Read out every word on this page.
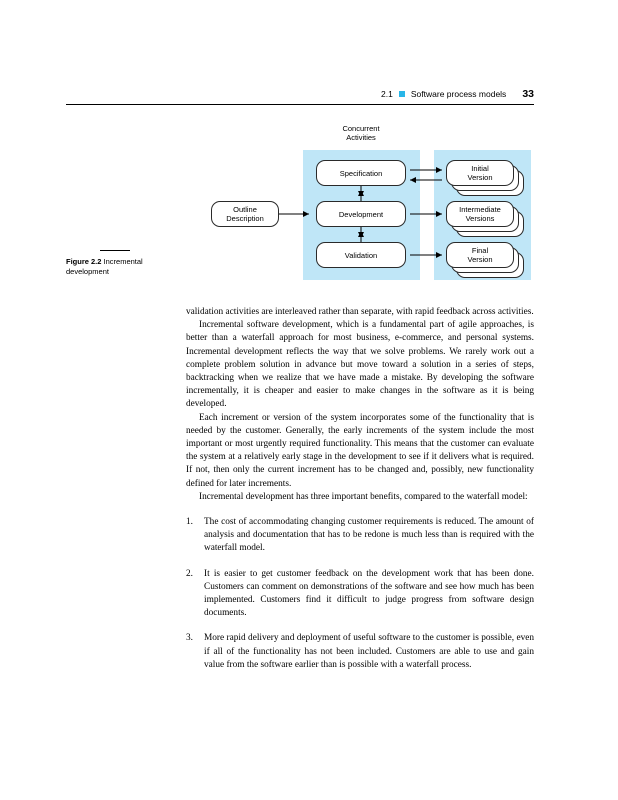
2.1 Software process models 33
Concurrent
Activities
Outline
Description
Specification
Development
Validation
Initial
Version
Intermediate
Versions
Final
Version
Figure 2.2 Incremental development

validation activities are interleaved rather than separate, with rapid feedback across activities.

Incremental software development, which is a fundamental part of agile approaches, is better than a waterfall approach for most business, e-commerce, and personal systems. Incremental development reflects the way that we solve problems. We rarely work out a complete problem solution in advance but move toward a solution in a series of steps, backtracking when we realize that we have made a mistake. By developing the software incrementally, it is cheaper and easier to make changes in the software as it is being developed.

Each increment or version of the system incorporates some of the functionality that is needed by the customer. Generally, the early increments of the system include the most important or most urgently required functionality. This means that the customer can evaluate the system at a relatively early stage in the development to see if it delivers what is required. If not, then only the current increment has to be changed and, possibly, new functionality defined for later increments.

Incremental development has three important benefits, compared to the waterfall model:

1.	The cost of accommodating changing customer requirements is reduced. The amount of analysis and documentation that has to be redone is much less than is required with the waterfall model.
2.	It is easier to get customer feedback on the development work that has been done. Customers can comment on demonstrations of the software and see how much has been implemented. Customers find it difficult to judge progress from software design documents.
3.	More rapid delivery and deployment of useful software to the customer is possible, even if all of the functionality has not been included. Customers are able to use and gain value from the software earlier than is possible with a waterfall process.
